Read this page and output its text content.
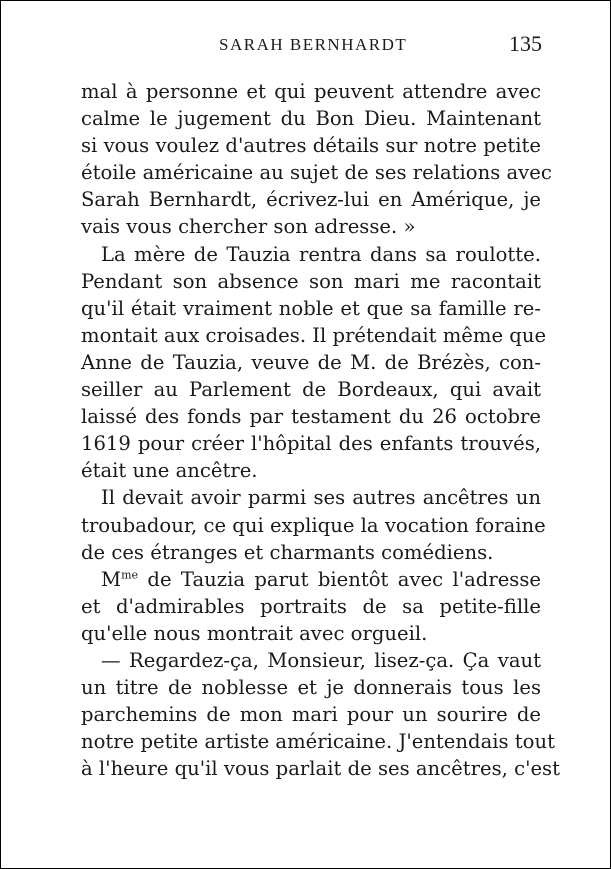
SARAH BERNHARDT	135
mal à personne et qui peuvent attendre avec
calme le jugement du Bon Dieu. Maintenant
si vous voulez d'autres détails sur notre petite
étoile américaine au sujet de ses relations avec
Sarah Bernhardt, écrivez-lui en Amérique, je
vais vous chercher son adresse. »
La mère de Tauzia rentra dans sa roulotte.
Pendant son absence son mari me racontait
qu'il était vraiment noble et que sa famille re-
montait aux croisades. Il prétendait même que
Anne de Tauzia, veuve de M. de Brézès, con-
seiller au Parlement de Bordeaux, qui avait
laissé des fonds par testament du 26 octobre
1619 pour créer l'hôpital des enfants trouvés,
était une ancêtre.
Il devait avoir parmi ses autres ancêtres un
troubadour, ce qui explique la vocation foraine
de ces étranges et charmants comédiens.
$M^{me}$ de Tauzia parut bientôt avec l'adresse
et d'admirables portraits de sa petite-fille
qu'elle nous montrait avec orgueil.
— Regardez-ça, Monsieur, lisez-ça. Ça vaut
un titre de noblesse et je donnerais tous les
parchemins de mon mari pour un sourire de
notre petite artiste américaine. J'entendais tout
à l'heure qu'il vous parlait de ses ancêtres, c'est
